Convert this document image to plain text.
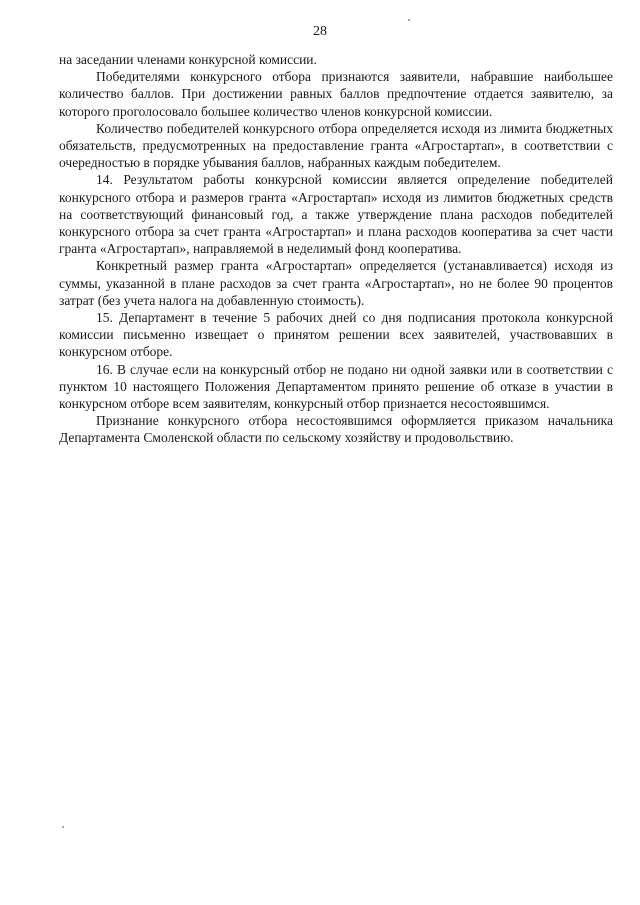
28

на заседании членами конкурсной комиссии.

Победителями конкурсного отбора признаются заявители, набравшие наибольшее количество баллов. При достижении равных баллов предпочтение отдается заявителю, за которого проголосовало большее количество членов конкурсной комиссии.

Количество победителей конкурсного отбора определяется исходя из лимита бюджетных обязательств, предусмотренных на предоставление гранта «Агростартап», в соответствии с очередностью в порядке убывания баллов, набранных каждым победителем.

14. Результатом работы конкурсной комиссии является определение победителей конкурсного отбора и размеров гранта «Агростартап» исходя из лимитов бюджетных средств на соответствующий финансовый год, а также утверждение плана расходов победителей конкурсного отбора за счет гранта «Агростартап» и плана расходов кооператива за счет части гранта «Агростартап», направляемой в неделимый фонд кооператива.

Конкретный размер гранта «Агростартап» определяется (устанавливается) исходя из суммы, указанной в плане расходов за счет гранта «Агростартап», но не более 90 процентов затрат (без учета налога на добавленную стоимость).

15. Департамент в течение 5 рабочих дней со дня подписания протокола конкурсной комиссии письменно извещает о принятом решении всех заявителей, участвовавших в конкурсном отборе.

16. В случае если на конкурсный отбор не подано ни одной заявки или в соответствии с пунктом 10 настоящего Положения Департаментом принято решение об отказе в участии в конкурсном отборе всем заявителям, конкурсный отбор признается несостоявшимся.

Признание конкурсного отбора несостоявшимся оформляется приказом начальника Департамента Смоленской области по сельскому хозяйству и продовольствию.
